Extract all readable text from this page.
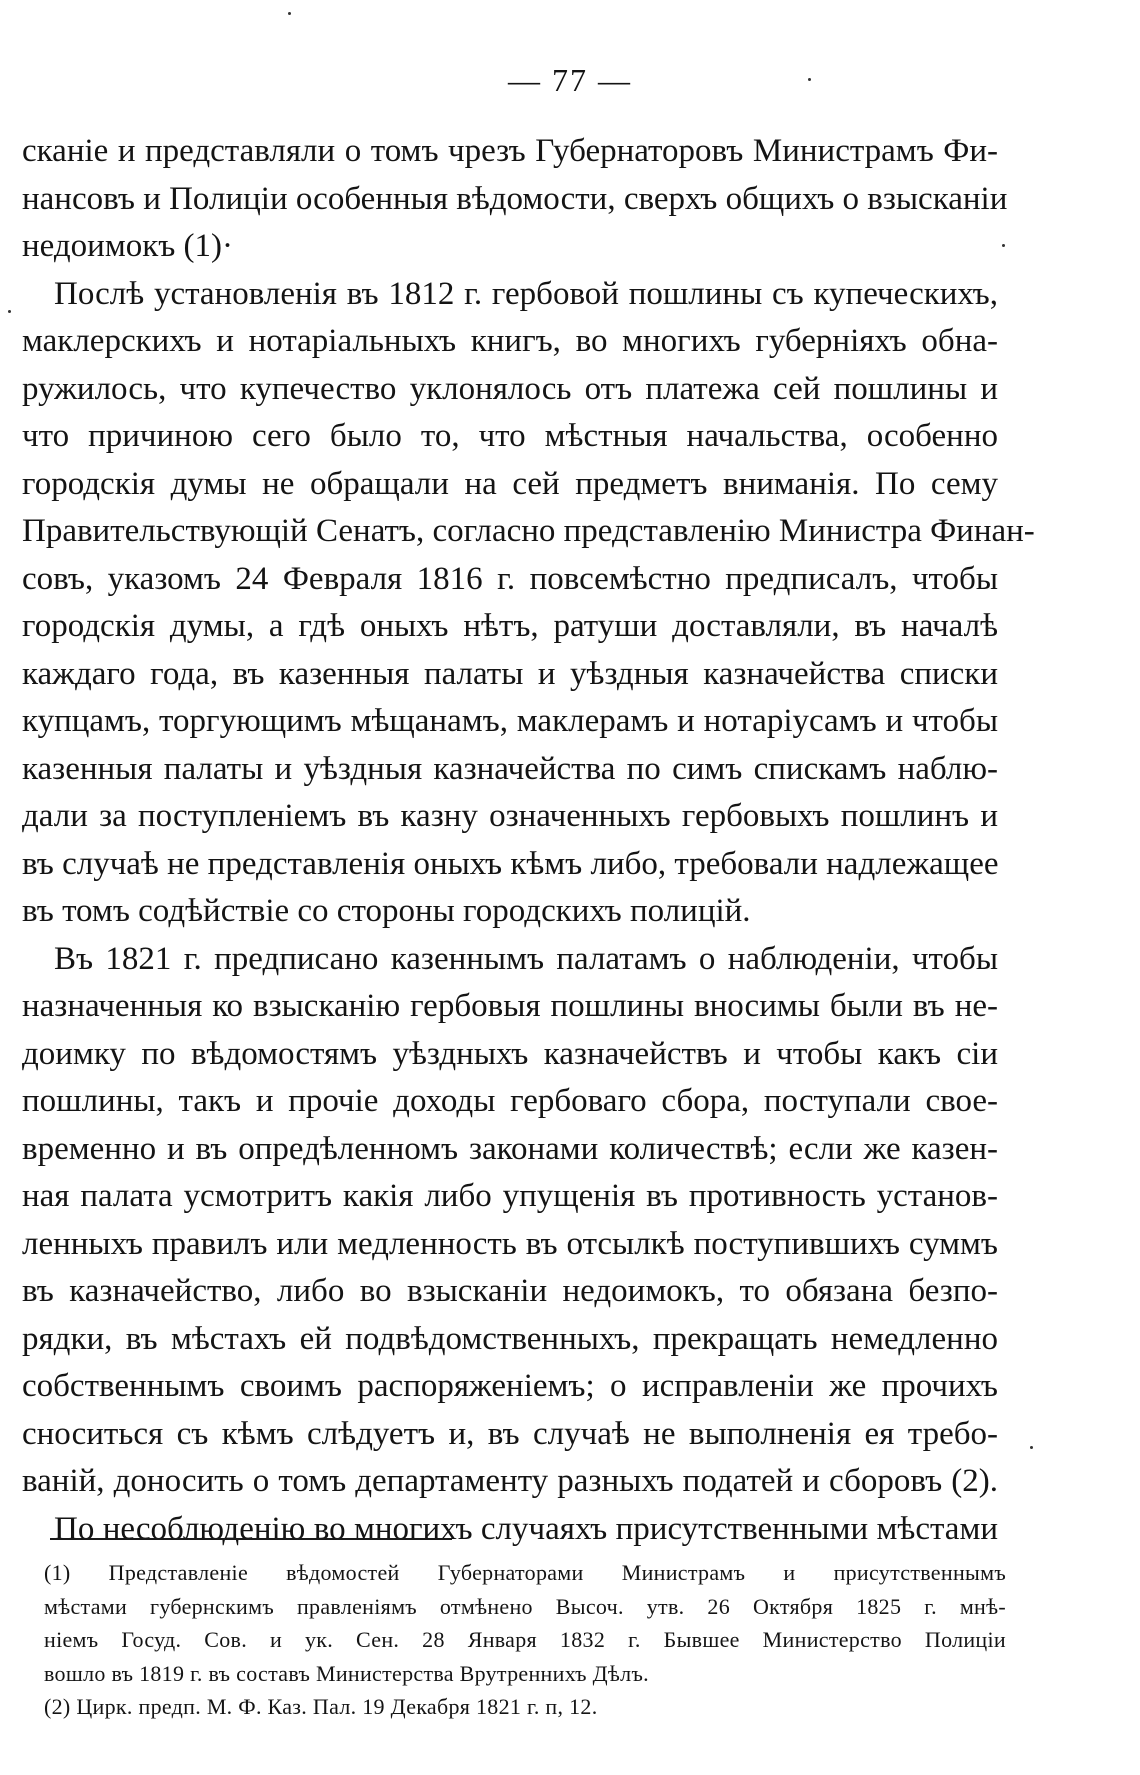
— 77 —
сканіе и представляли о томъ чрезъ Губернаторовъ Министрамъ Фи-
нансовъ и Полиціи особенныя вѣдомости, сверхъ общихъ о взысканіи
недоимокъ (1)·
Послѣ установленія въ 1812 г. гербовой пошлины съ купеческихъ,
маклерскихъ и нотаріальныхъ книгъ, во многихъ губерніяхъ обна-
ружилось, что купечество уклонялось отъ платежа сей пошлины и
что причиною сего было то, что мѣстныя начальства, особенно
городскія думы не обращали на сей предметъ вниманія. По сему
Правительствующій Сенатъ, согласно представленію Министра Финан-
совъ, указомъ 24 Февраля 1816 г. повсемѣстно предписалъ, чтобы
городскія думы, а гдѣ оныхъ нѣтъ, ратуши доставляли, въ началѣ
каждаго года, въ казенныя палаты и уѣздныя казначейства списки
купцамъ, торгующимъ мѣщанамъ, маклерамъ и нотаріусамъ и чтобы
казенныя палаты и уѣздныя казначейства по симъ спискамъ наблю-
дали за поступленіемъ въ казну означенныхъ гербовыхъ пошлинъ и
въ случаѣ не представленія оныхъ кѣмъ либо, требовали надлежащее
въ томъ содѣйствіе со стороны городскихъ полицій.
Въ 1821 г. предписано казеннымъ палатамъ о наблюденіи, чтобы
назначенныя ко взысканію гербовыя пошлины вносимы были въ не-
доимку по вѣдомостямъ уѣздныхъ казначействъ и чтобы какъ сіи
пошлины, такъ и прочіе доходы гербоваго сбора, поступали свое-
временно и въ опредѣленномъ законами количествѣ; если же казен-
ная палата усмотритъ какія либо упущенія въ противность установ-
ленныхъ правилъ или медленность въ отсылкѣ поступившихъ суммъ
въ казначейство, либо во взысканіи недоимокъ, то обязана безпо-
рядки, въ мѣстахъ ей подвѣдомственныхъ, прекращать немедленно
собственнымъ своимъ распоряженіемъ; о исправленіи же прочихъ
сноситься съ кѣмъ слѣдуетъ и, въ случаѣ не выполненія ея требо-
ваній, доносить о томъ департаменту разныхъ податей и сборовъ (2).
По несоблюденію во многихъ случаяхъ присутственными мѣстами
(1) Представленіе вѣдомостей Губернаторами Министрамъ и присутственнымъ
мѣстами губернскимъ правленіямъ отмѣнено Высоч. утв. 26 Октября 1825 г. мнѣ-
ніемъ Госуд. Сов. и ук. Сен. 28 Января 1832 г. Бывшее Министерство Полиціи
вошло въ 1819 г. въ составъ Министерства Врутреннихъ Дѣлъ.
(2) Цирк. предп. М. Ф. Каз. Пал. 19 Декабря 1821 г. п, 12.
